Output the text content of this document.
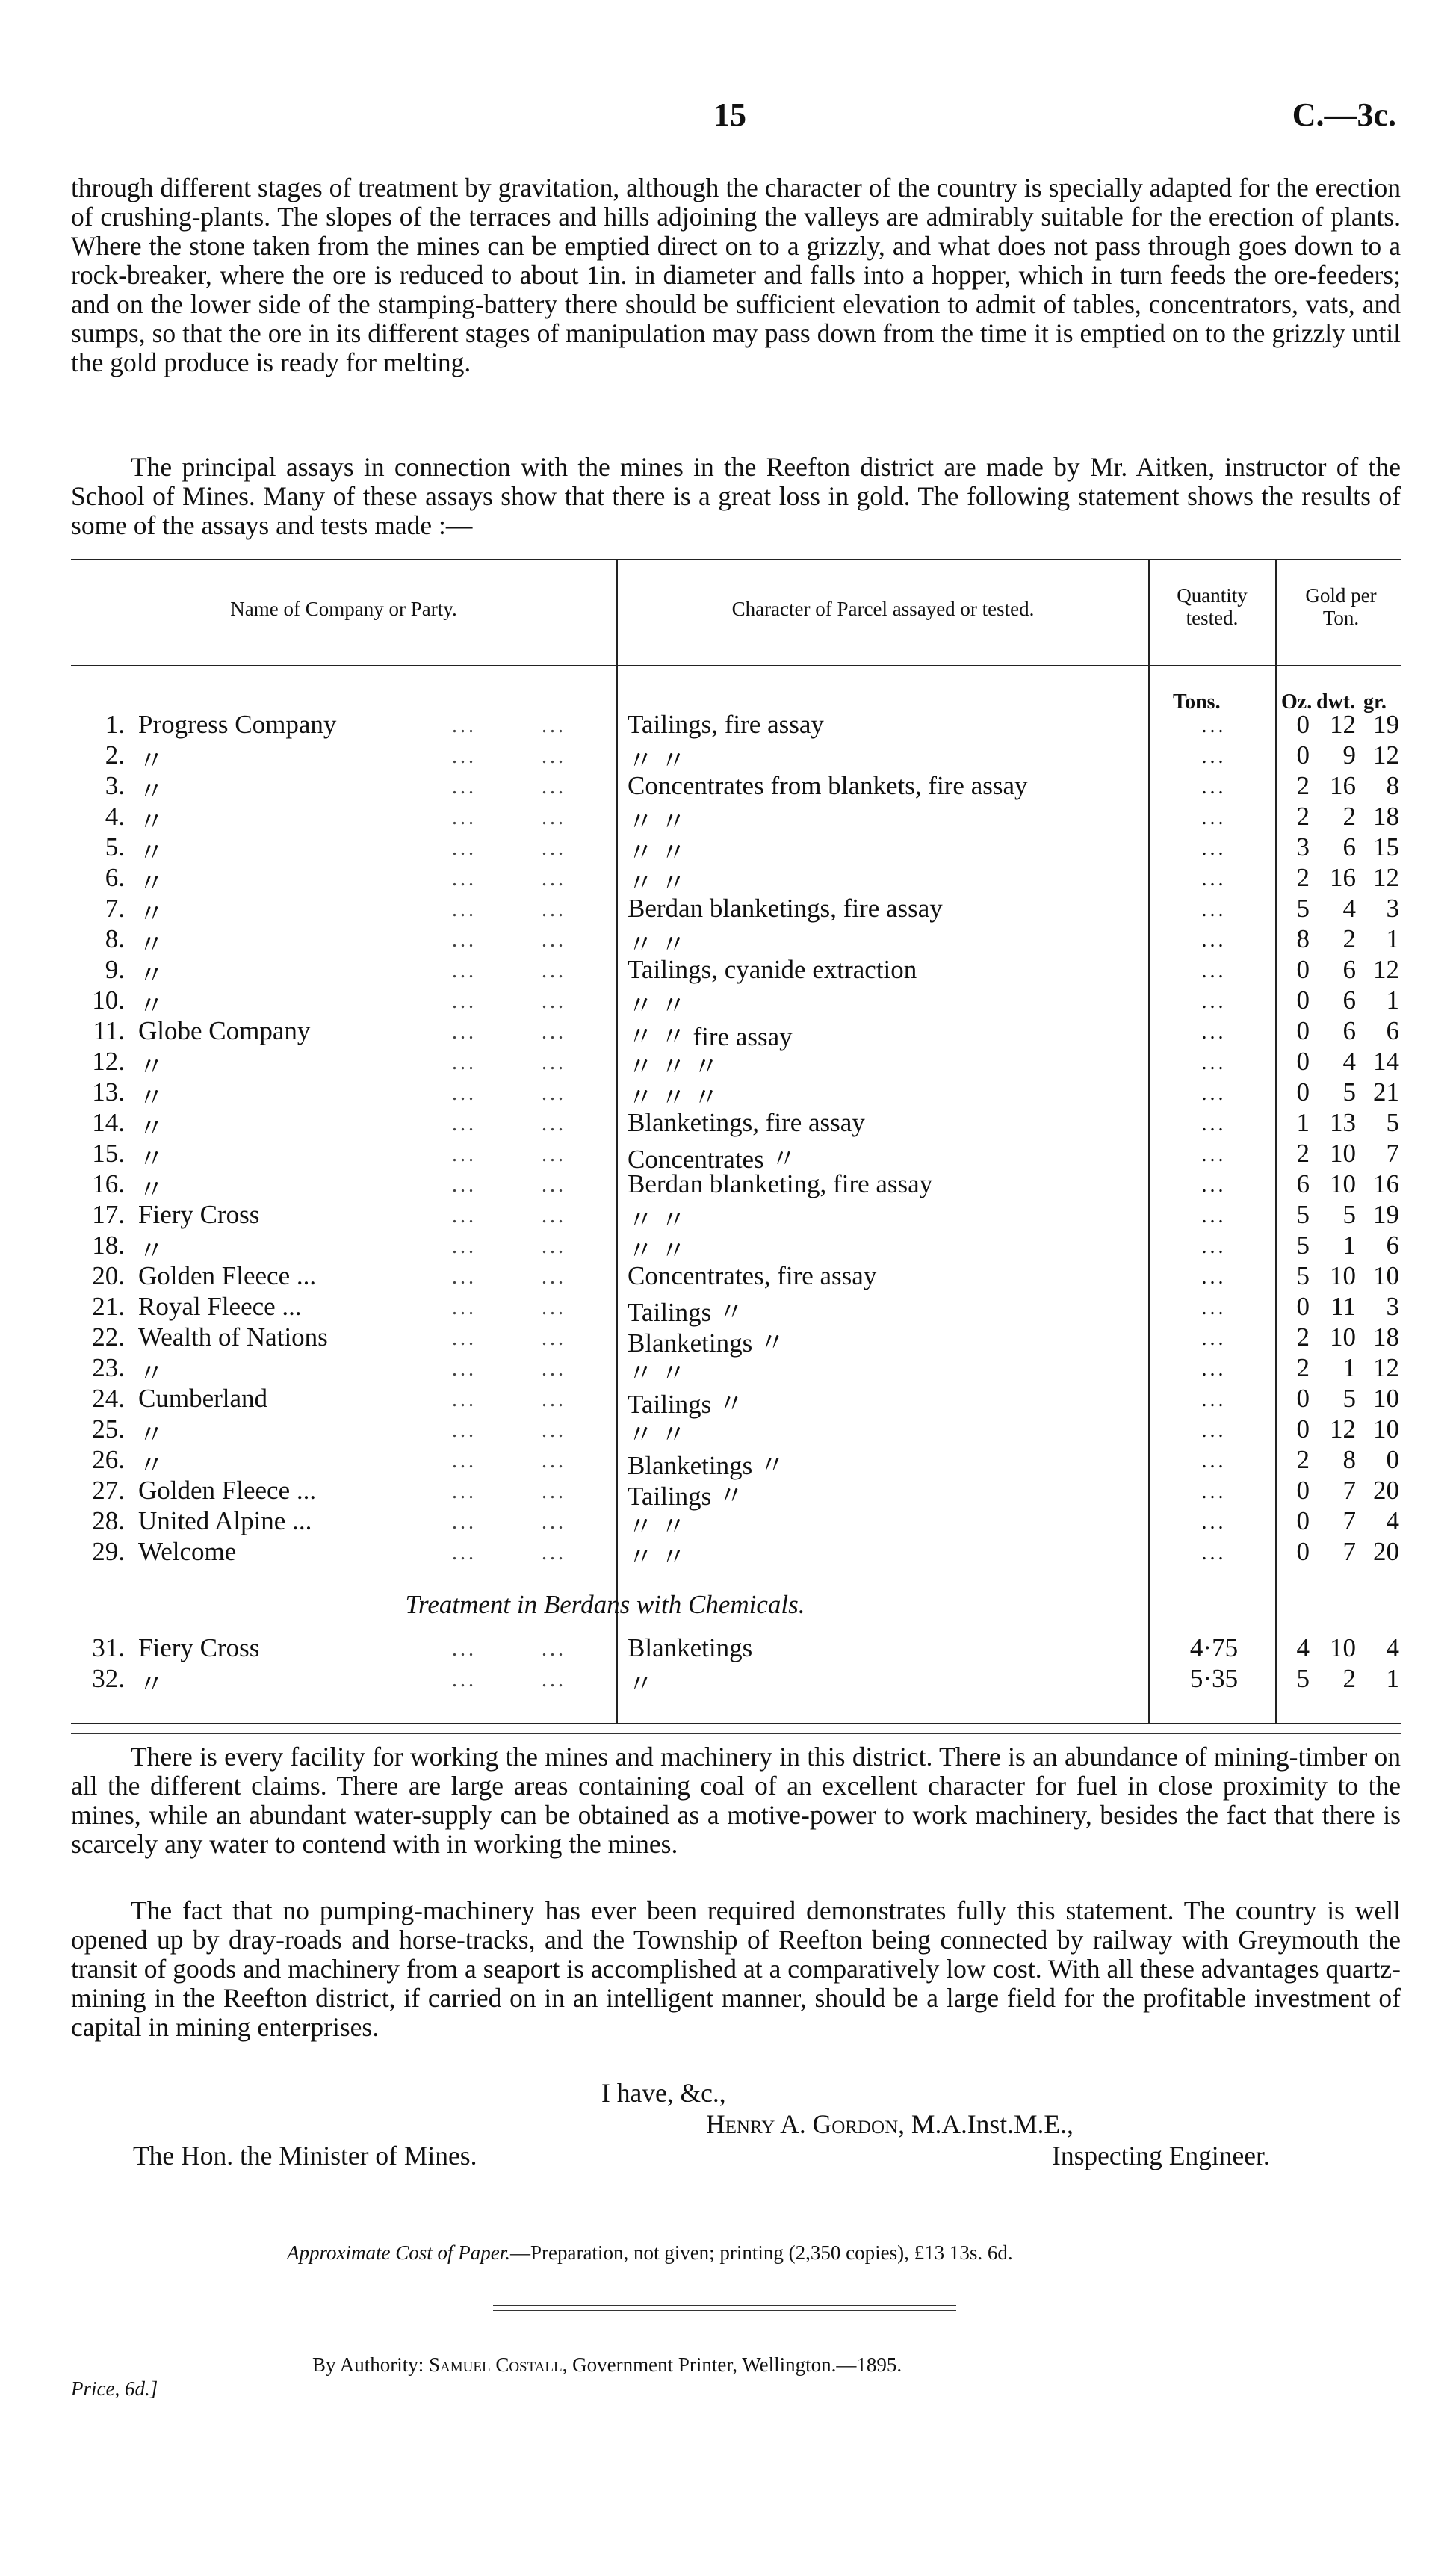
15	C.—3c.

through different stages of treatment by gravitation, although the character of the country is specially adapted for the erection of crushing-plants. The slopes of the terraces and hills adjoining the valleys are admirably suitable for the erection of plants. Where the stone taken from the mines can be emptied direct on to a grizzly, and what does not pass through goes down to a rock-breaker, where the ore is reduced to about 1in. in diameter and falls into a hopper, which in turn feeds the ore-feeders; and on the lower side of the stamping-battery there should be sufficient elevation to admit of tables, concentrators, vats, and sumps, so that the ore in its different stages of manipulation may pass down from the time it is emptied on to the grizzly until the gold produce is ready for melting.

The principal assays in connection with the mines in the Reefton district are made by Mr. Aitken, instructor of the School of Mines. Many of these assays show that there is a great loss in gold. The following statement shows the results of some of the assays and tests made :—

Name of Company or Party.	Character of Parcel assayed or tested.
Quantity tested.
Gold per Ton.
Tons.	Oz. dwt. gr.
Treatment in Berdans with Chemicals.
1. Progress Company	...	... Tailings, fire assay	...	0 12 19
2. 〃	...	... 〃 〃	...	0	9 12
3. 〃	...	... Concentrates from blankets, fire assay	...	2 16	8
4. 〃	...	... 〃 〃	...	2	2 18
5. 〃	...	... 〃 〃	...	3	6 15
6. 〃	...	... 〃 〃	...	2 16 12
7. 〃	...	... Berdan blanketings, fire assay	...	5	4	3
8. 〃	...	... 〃 〃	...	8	2	1
9. 〃	...	... Tailings, cyanide extraction	...	0	6 12
10. 〃	...	... 〃 〃	...	0	6	1
11. Globe Company	...	... 〃 〃 fire assay	...	0	6	6
12. 〃	...	... 〃 〃 〃	...	0	4 14
13. 〃	...	... 〃 〃 〃	...	0	5 21
14. 〃	...	... Blanketings, fire assay	...	1 13	5
15. 〃	...	... Concentrates 〃	...	2 10	7
16. 〃	...	... Berdan blanketing, fire assay	...	6 10 16
17. Fiery Cross	...	... 〃 〃	...	5	5 19
18. 〃	...	... 〃 〃	...	5	1	6
20. Golden Fleece ...	...	... Concentrates, fire assay	...	5 10 10
21. Royal Fleece ...	...	... Tailings 〃	...	0 11	3
22. Wealth of Nations	...	... Blanketings 〃	...	2 10 18
23. 〃	...	... 〃 〃	...	2	1 12
24. Cumberland	...	... Tailings 〃	...	0	5 10
25. 〃	...	... 〃 〃	...	0 12 10
26. 〃	...	... Blanketings 〃	...	2	8	0
27. Golden Fleece ...	...	... Tailings 〃	...	0	7 20
28. United Alpine ...	...	... 〃 〃	...	0	7	4
29. Welcome	...	... 〃 〃	...	0	7 20
31. Fiery Cross	...	... Blanketings	4·75	4 10	4
32. 〃	...	... 〃	5·35	5	2	1

There is every facility for working the mines and machinery in this district. There is an abundance of mining-timber on all the different claims. There are large areas containing coal of an excellent character for fuel in close proximity to the mines, while an abundant water-supply can be obtained as a motive-power to work machinery, besides the fact that there is scarcely any water to contend with in working the mines.

The fact that no pumping-machinery has ever been required demonstrates fully this statement. The country is well opened up by dray-roads and horse-tracks, and the Township of Reefton being connected by railway with Greymouth the transit of goods and machinery from a seaport is accomplished at a comparatively low cost. With all these advantages quartz-mining in the Reefton district, if carried on in an intelligent manner, should be a large field for the profitable investment of capital in mining enterprises.

I have, &c.,
Henry A. Gordon, M.A.Inst.M.E.,
The Hon. the Minister of Mines.	Inspecting Engineer.
Approximate Cost of Paper.—Preparation, not given; printing (2,350 copies), £13 13s. 6d.
By Authority: Samuel Costall, Government Printer, Wellington.—1895.
Price, 6d.]
